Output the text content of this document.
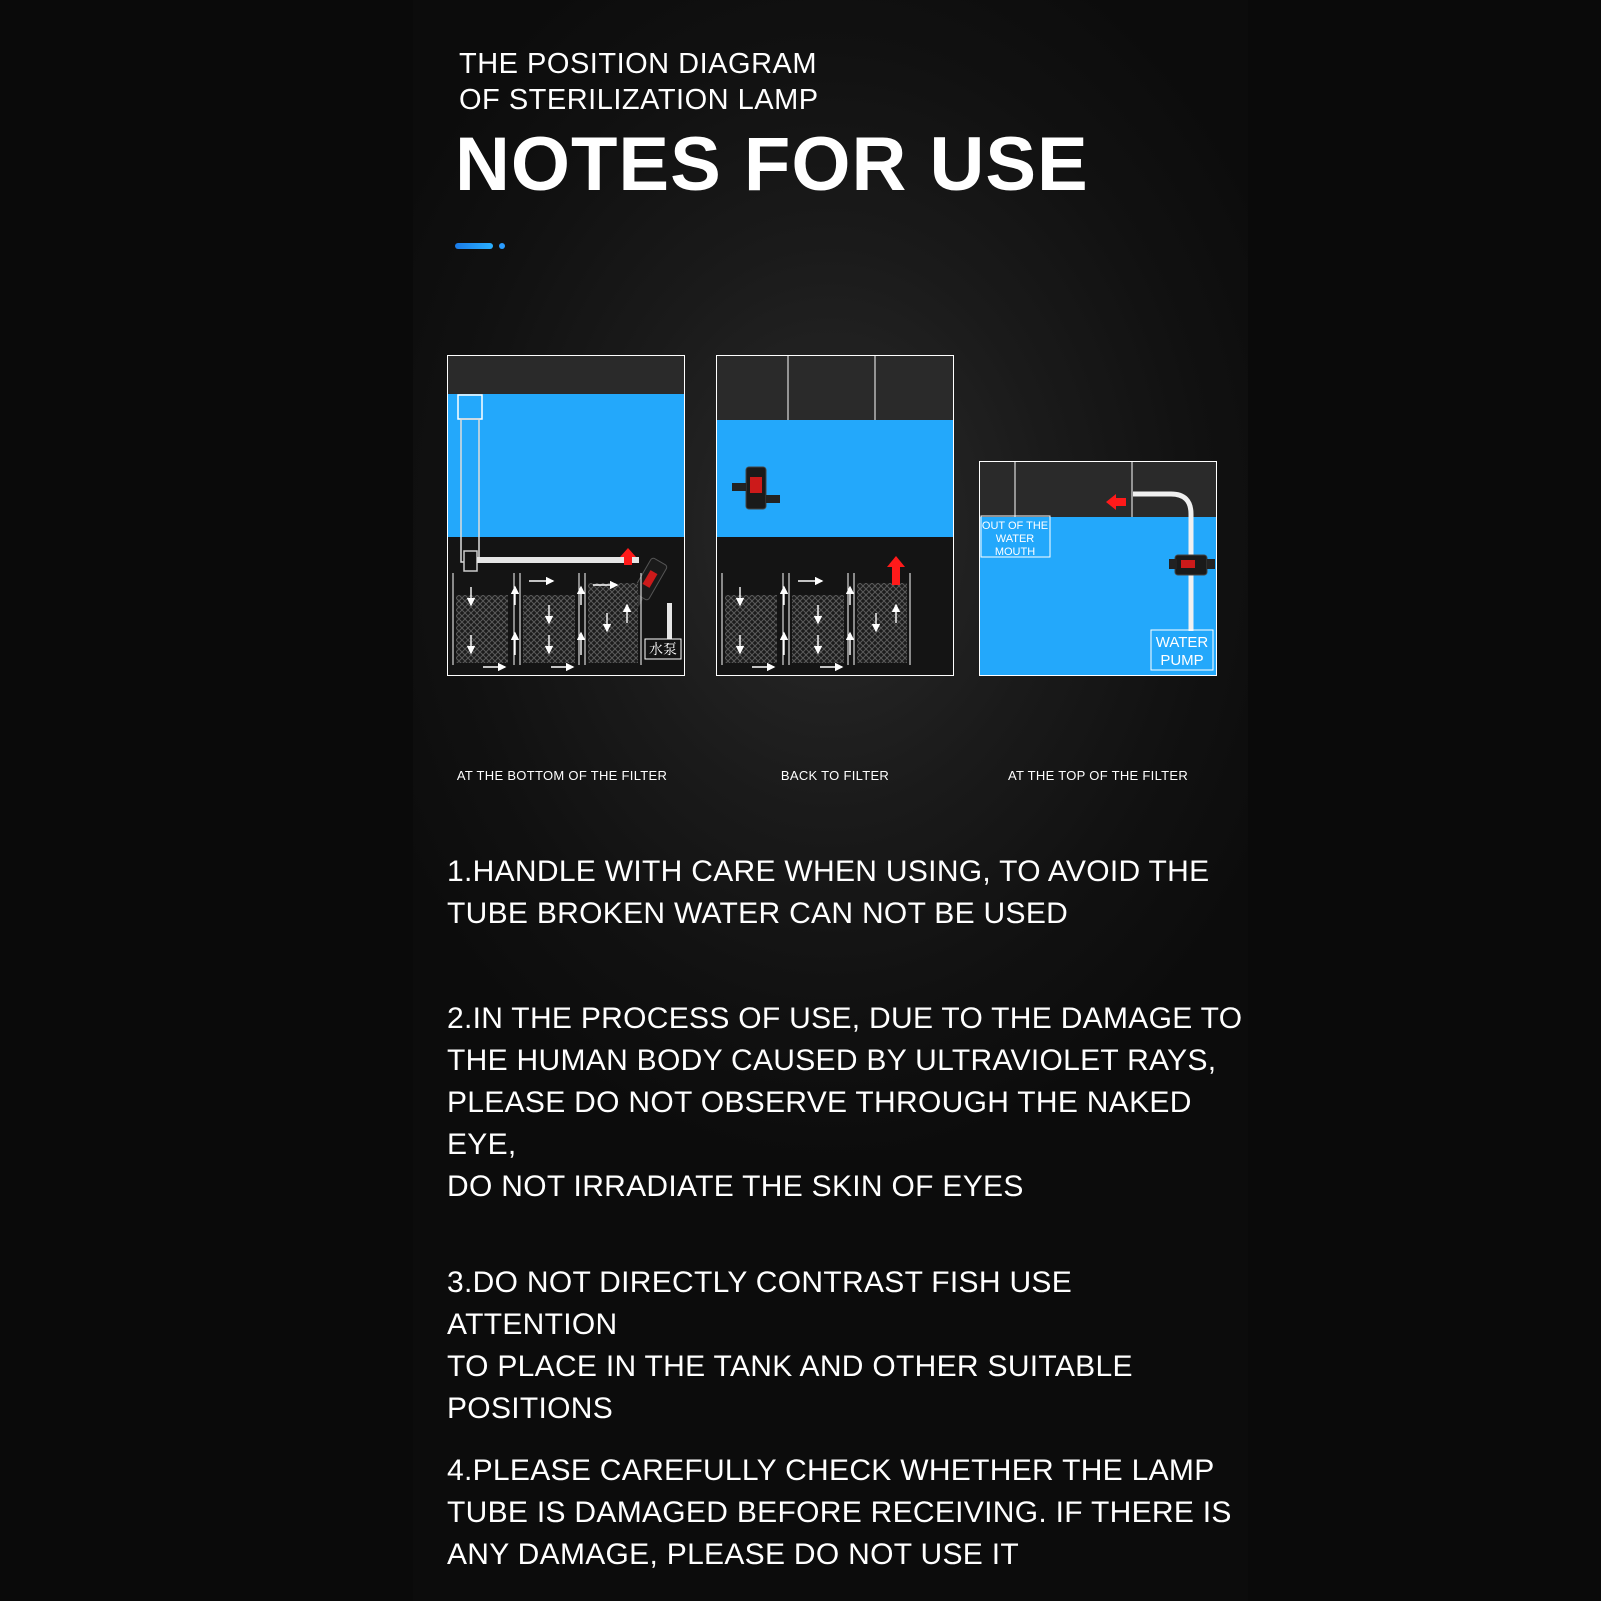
THE POSITION DIAGRAM
OF STERILIZATION LAMP
NOTES FOR USE
水泵

AT THE BOTTOM OF THE FILTER	BACK TO FILTER

OUT OF THE
WATER
MOUTH
WATER
PUMP

AT THE TOP OF THE FILTER

1.HANDLE WITH CARE WHEN USING, TO AVOID THE
TUBE BROKEN WATER CAN NOT BE USED
2.IN THE PROCESS OF USE, DUE TO THE DAMAGE TO
THE HUMAN BODY CAUSED BY ULTRAVIOLET RAYS,
PLEASE DO NOT OBSERVE THROUGH THE NAKED EYE,
DO NOT IRRADIATE THE SKIN OF EYES
3.DO NOT DIRECTLY CONTRAST FISH USE ATTENTION
TO PLACE IN THE TANK AND OTHER SUITABLE
POSITIONS
4.PLEASE CAREFULLY CHECK WHETHER THE LAMP
TUBE IS DAMAGED BEFORE RECEIVING. IF THERE IS
ANY DAMAGE, PLEASE DO NOT USE IT
